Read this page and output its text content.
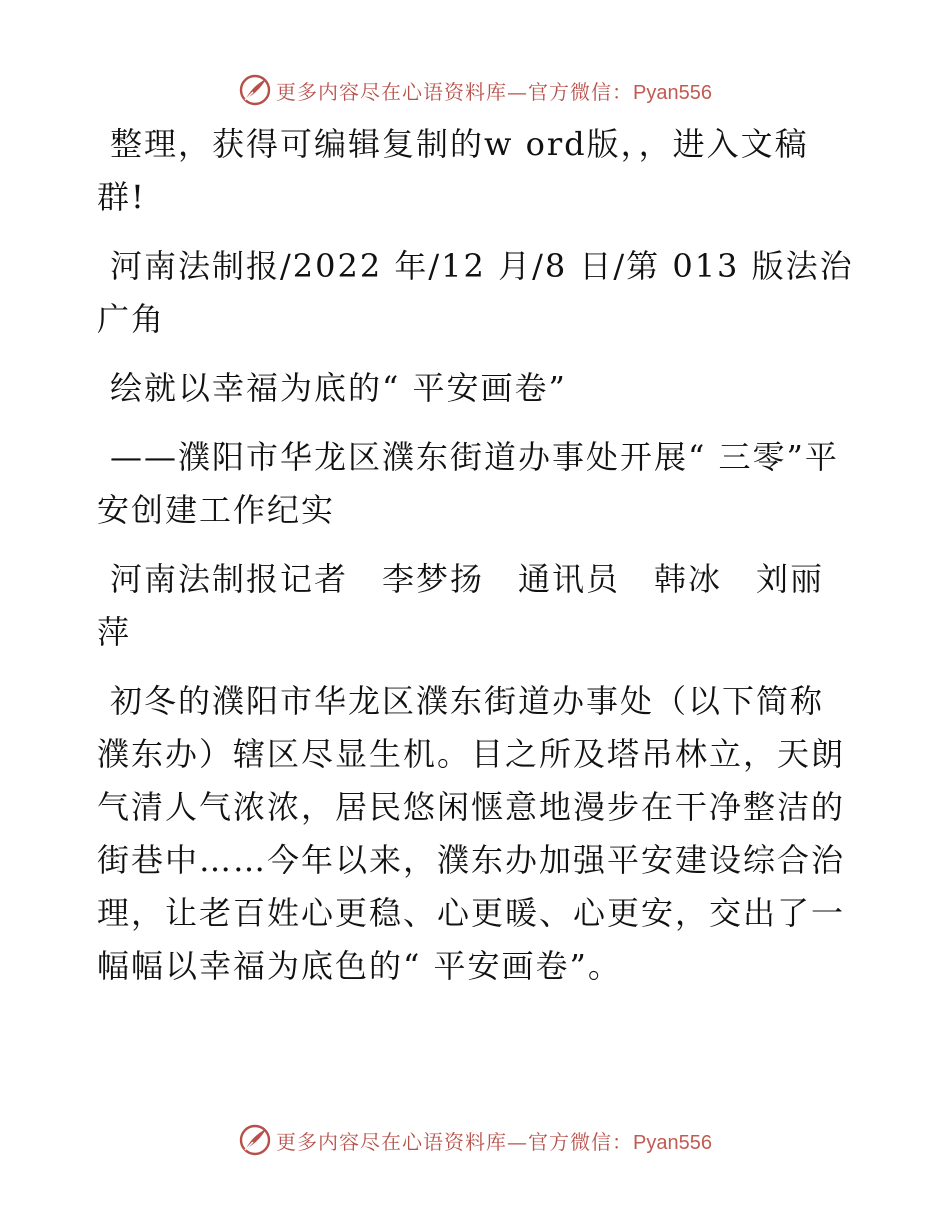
更多内容尽在心语资料库—官方微信：Pyan556

整理，获得可编辑复制的w ord版，，进入文稿群!

河南法制报/2022 年/12 月/8 日/第 013 版法治广角

绘就以幸福为底的“ 平安画卷”

——濮阳市华龙区濮东街道办事处开展“ 三零”平安创建工作纪实

河南法制报记者　李梦扬　通讯员　韩冰　刘丽萍

初冬的濮阳市华龙区濮东街道办事处（以下简称濮东办）辖区尽显生机。目之所及塔吊林立，天朗气清人气浓浓，居民悠闲惬意地漫步在干净整洁的街巷中……今年以来，濮东办加强平安建设综合治理，让老百姓心更稳、心更暖、心更安，交出了一幅幅以幸福为底色的“ 平安画卷”。

更多内容尽在心语资料库—官方微信：Pyan556
